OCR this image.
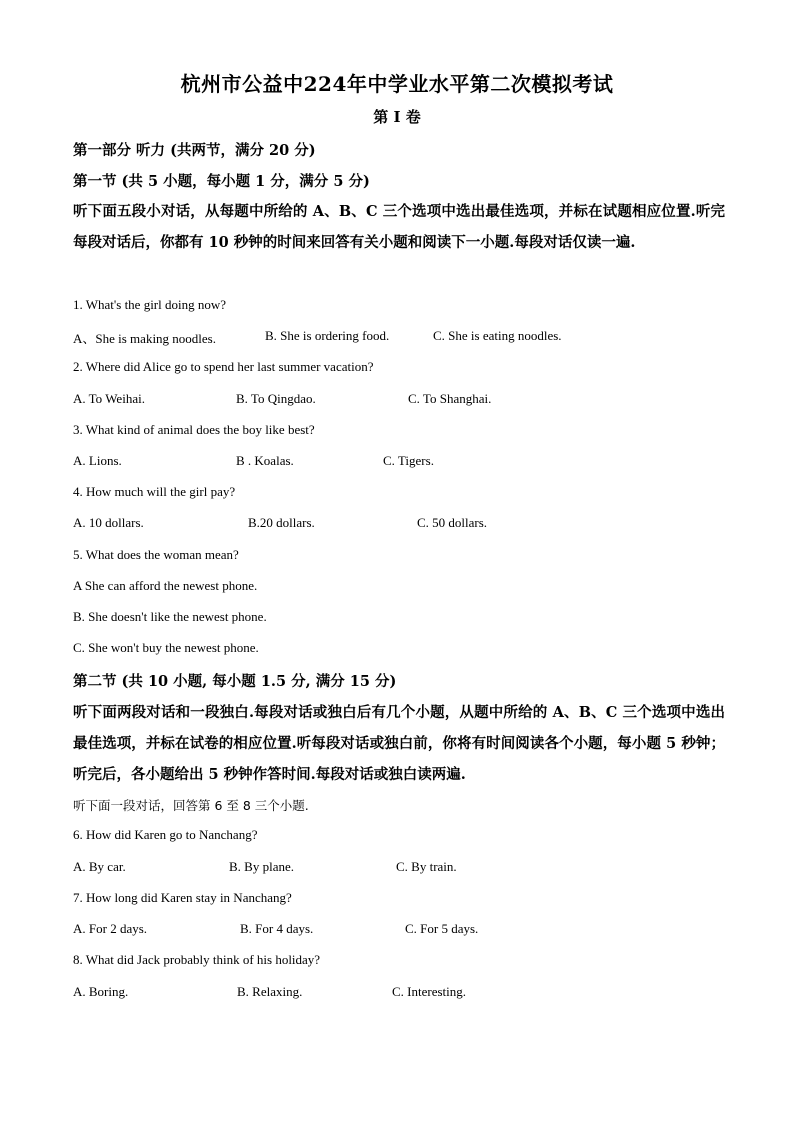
杭州市公益中224年中学业水平第二次模拟考试
第 I 卷
第一部分 听力 (共两节，满分 20 分)
第一节 (共 5 小题，每小题 1 分，满分 5 分)
听下面五段小对话，从每题中所给的 A、B、C 三个选项中选出最佳选项，并标在试题相应位置.听完每段对话后，你都有 10 秒钟的时间来回答有关小题和阅读下一小题.每段对话仅读一遍.
1. What's the girl doing now?
A、She is making noodles.	B. She is ordering food.	C. She is eating noodles.
2. Where did Alice go to spend her last summer vacation?
A. To Weihai.	B. To Qingdao.	C. To Shanghai.
3. What kind of animal does the boy like best?
A. Lions.	B . Koalas.	C. Tigers.
4. How much will the girl pay?
A. 10 dollars.	B.20 dollars.	C. 50 dollars.
5. What does the woman mean?
A She can afford the newest phone.
B. She doesn't like the newest phone.
C. She won't buy the newest phone.
第二节 (共 10 小题, 每小题 1.5 分, 满分 15 分)
听下面两段对话和一段独白.每段对话或独白后有几个小题，从题中所给的 A、B、C 三个选项中选出最佳选项，并标在试卷的相应位置.听每段对话或独白前，你将有时间阅读各个小题，每小题 5 秒钟；听完后，各小题给出 5 秒钟作答时间.每段对话或独白读两遍.
听下面一段对话，回答第 6 至 8 三个小题.
6. How did Karen go to Nanchang?
A. By car.	B. By plane.	C. By train.
7. How long did Karen stay in Nanchang?
A. For 2 days.	B. For 4 days.	C. For 5 days.
8. What did Jack probably think of his holiday?
A. Boring.	B. Relaxing.	C. Interesting.
